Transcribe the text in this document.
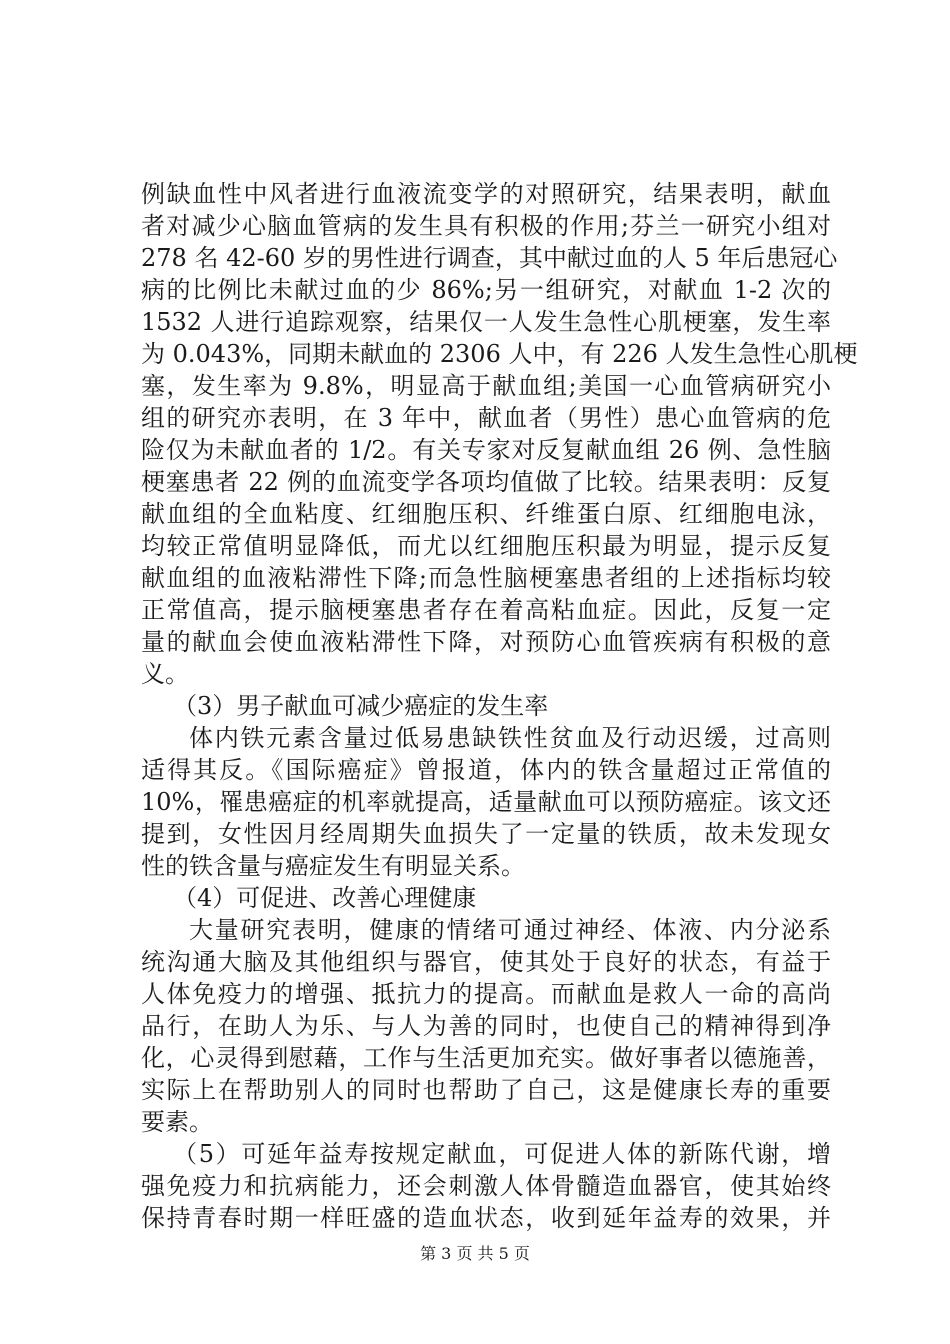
例缺血性中风者进行血液流变学的对照研究，结果表明，献血
者对减少心脑血管病的发生具有积极的作用;芬兰一研究小组对
278 名 42-60 岁的男性进行调查，其中献过血的人 5 年后患冠心
病的比例比未献过血的少 86%;另一组研究，对献血 1-2 次的
1532 人进行追踪观察，结果仅一人发生急性心肌梗塞，发生率
为 0.043%，同期未献血的 2306 人中，有 226 人发生急性心肌梗
塞，发生率为 9.8%，明显高于献血组;美国一心血管病研究小
组的研究亦表明，在 3 年中，献血者（男性）患心血管病的危
险仅为未献血者的 1/2。有关专家对反复献血组 26 例、急性脑
梗塞患者 22 例的血流变学各项均值做了比较。结果表明：反复
献血组的全血粘度、红细胞压积、纤维蛋白原、红细胞电泳，
均较正常值明显降低，而尤以红细胞压积最为明显，提示反复
献血组的血液粘滞性下降;而急性脑梗塞患者组的上述指标均较
正常值高，提示脑梗塞患者存在着高粘血症。因此，反复一定
量的献血会使血液粘滞性下降，对预防心血管疾病有积极的意
义。
（3）男子献血可减少癌症的发生率
体内铁元素含量过低易患缺铁性贫血及行动迟缓，过高则
适得其反。《国际癌症》曾报道，体内的铁含量超过正常值的
10%，罹患癌症的机率就提高，适量献血可以预防癌症。该文还
提到，女性因月经周期失血损失了一定量的铁质，故未发现女
性的铁含量与癌症发生有明显关系。
（4）可促进、改善心理健康
大量研究表明，健康的情绪可通过神经、体液、内分泌系
统沟通大脑及其他组织与器官，使其处于良好的状态，有益于
人体免疫力的增强、抵抗力的提高。而献血是救人一命的高尚
品行，在助人为乐、与人为善的同时，也使自己的精神得到净
化，心灵得到慰藉，工作与生活更加充实。做好事者以德施善，
实际上在帮助别人的同时也帮助了自己，这是健康长寿的重要
要素。
（5）可延年益寿按规定献血，可促进人体的新陈代谢，增
强免疫力和抗病能力，还会刺激人体骨髓造血器官，使其始终
保持青春时期一样旺盛的造血状态，收到延年益寿的效果，并
第 3 页 共 5 页
